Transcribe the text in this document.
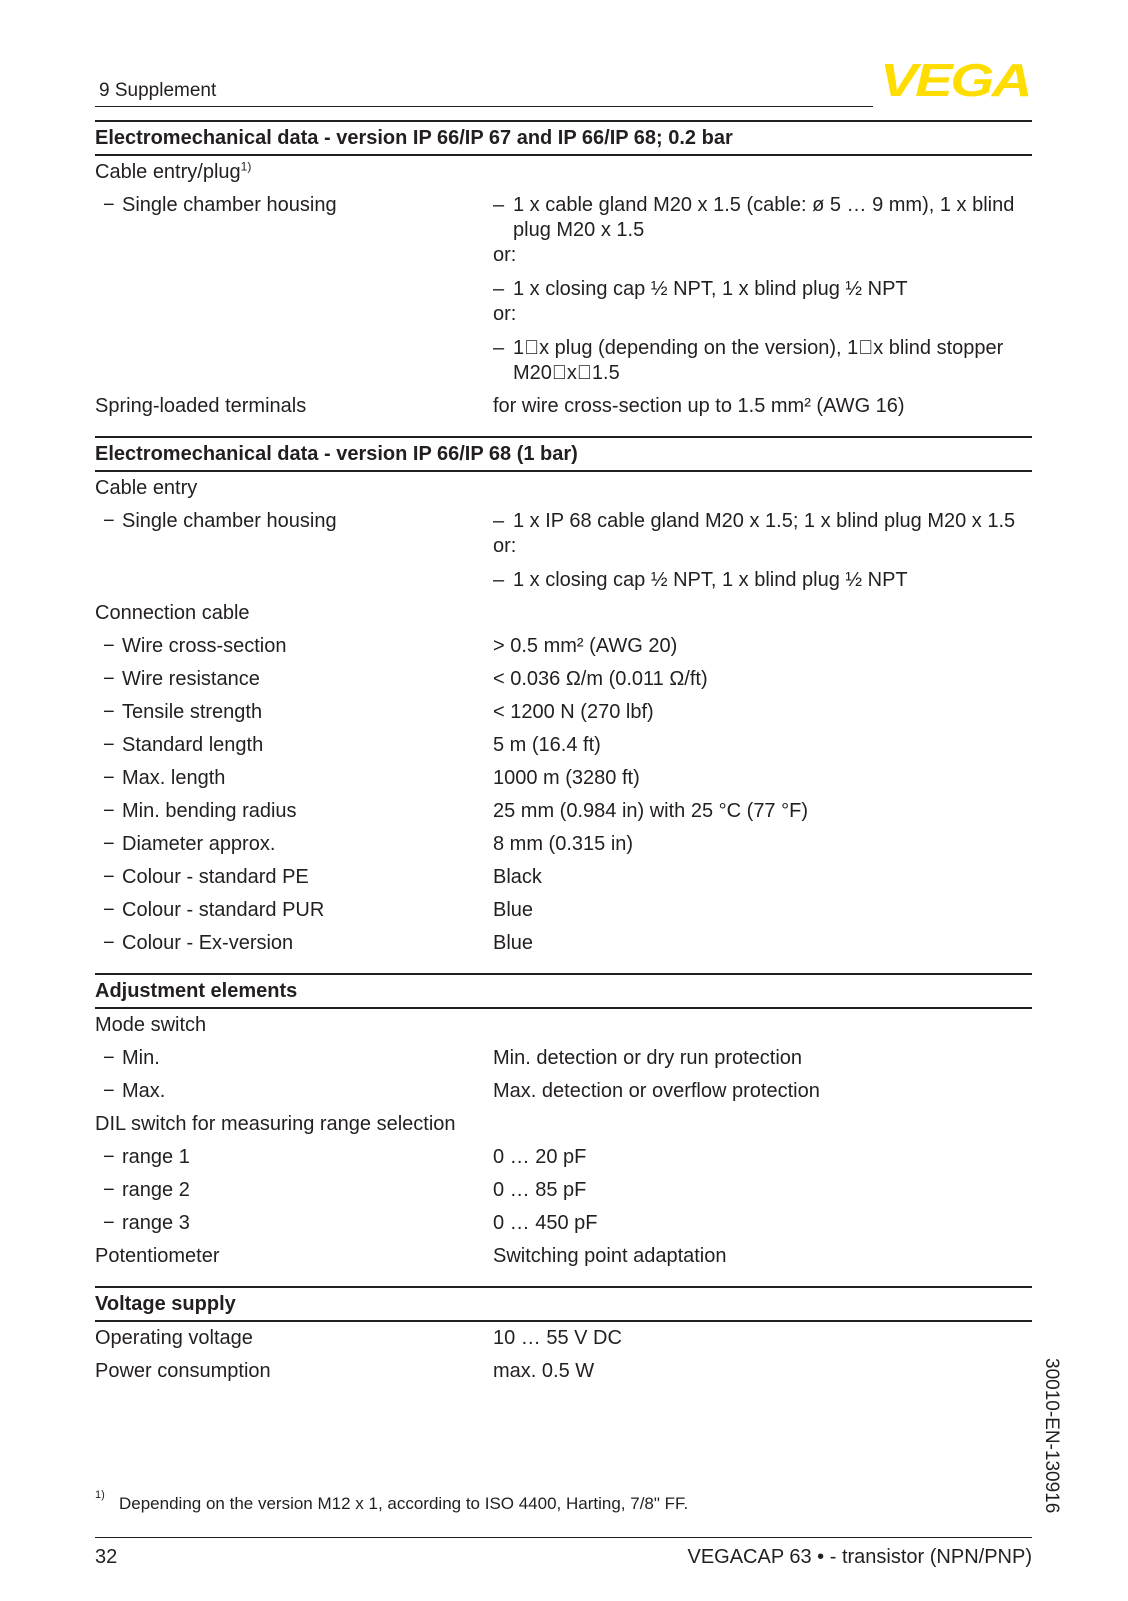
9 Supplement	VEGA
Electromechanical data - version IP 66/IP 67 and IP 66/IP 68; 0.2 bar
Cable entry/plug$^{1)}$
− Single chamber housing	– 1 x cable gland M20 x 1.5 (cable: ø 5 … 9 mm), 1 x blind plug M20 x 1.5
or:
– 1 x closing cap ½ NPT, 1 x blind plug ½ NPT
or:
– 1⃞x plug (depending on the version), 1⃞x blind stopper M20⃞x⃞1.5
Spring-loaded terminals	for wire cross-section up to 1.5 mm² (AWG 16)
Electromechanical data - version IP 66/IP 68 (1 bar)
Cable entry
− Single chamber housing	– 1 x IP 68 cable gland M20 x 1.5; 1 x blind plug M20 x 1.5
or:
– 1 x closing cap ½ NPT, 1 x blind plug ½ NPT
Connection cable
− Wire cross-section	> 0.5 mm² (AWG 20)
− Wire resistance	< 0.036 Ω/m (0.011 Ω/ft)
− Tensile strength	< 1200 N (270 lbf)
− Standard length	5 m (16.4 ft)
− Max. length	1000 m (3280 ft)
− Min. bending radius	25 mm (0.984 in) with 25 °C (77 °F)
− Diameter approx.	8 mm (0.315 in)
− Colour - standard PE	Black
− Colour - standard PUR	Blue
− Colour - Ex-version	Blue
Adjustment elements
Mode switch
− Min.	Min. detection or dry run protection
− Max.	Max. detection or overflow protection
DIL switch for measuring range selection
− range 1	0 … 20 pF
− range 2	0 … 85 pF
− range 3	0 … 450 pF
Potentiometer	Switching point adaptation
Voltage supply
Operating voltage	10 … 55 V DC
Power consumption	max. 0.5 W
1) Depending on the version M12 x 1, according to ISO 4400, Harting, 7/8" FF.
32	VEGACAP 63 • - transistor (NPN/PNP)
30010-EN-130916
